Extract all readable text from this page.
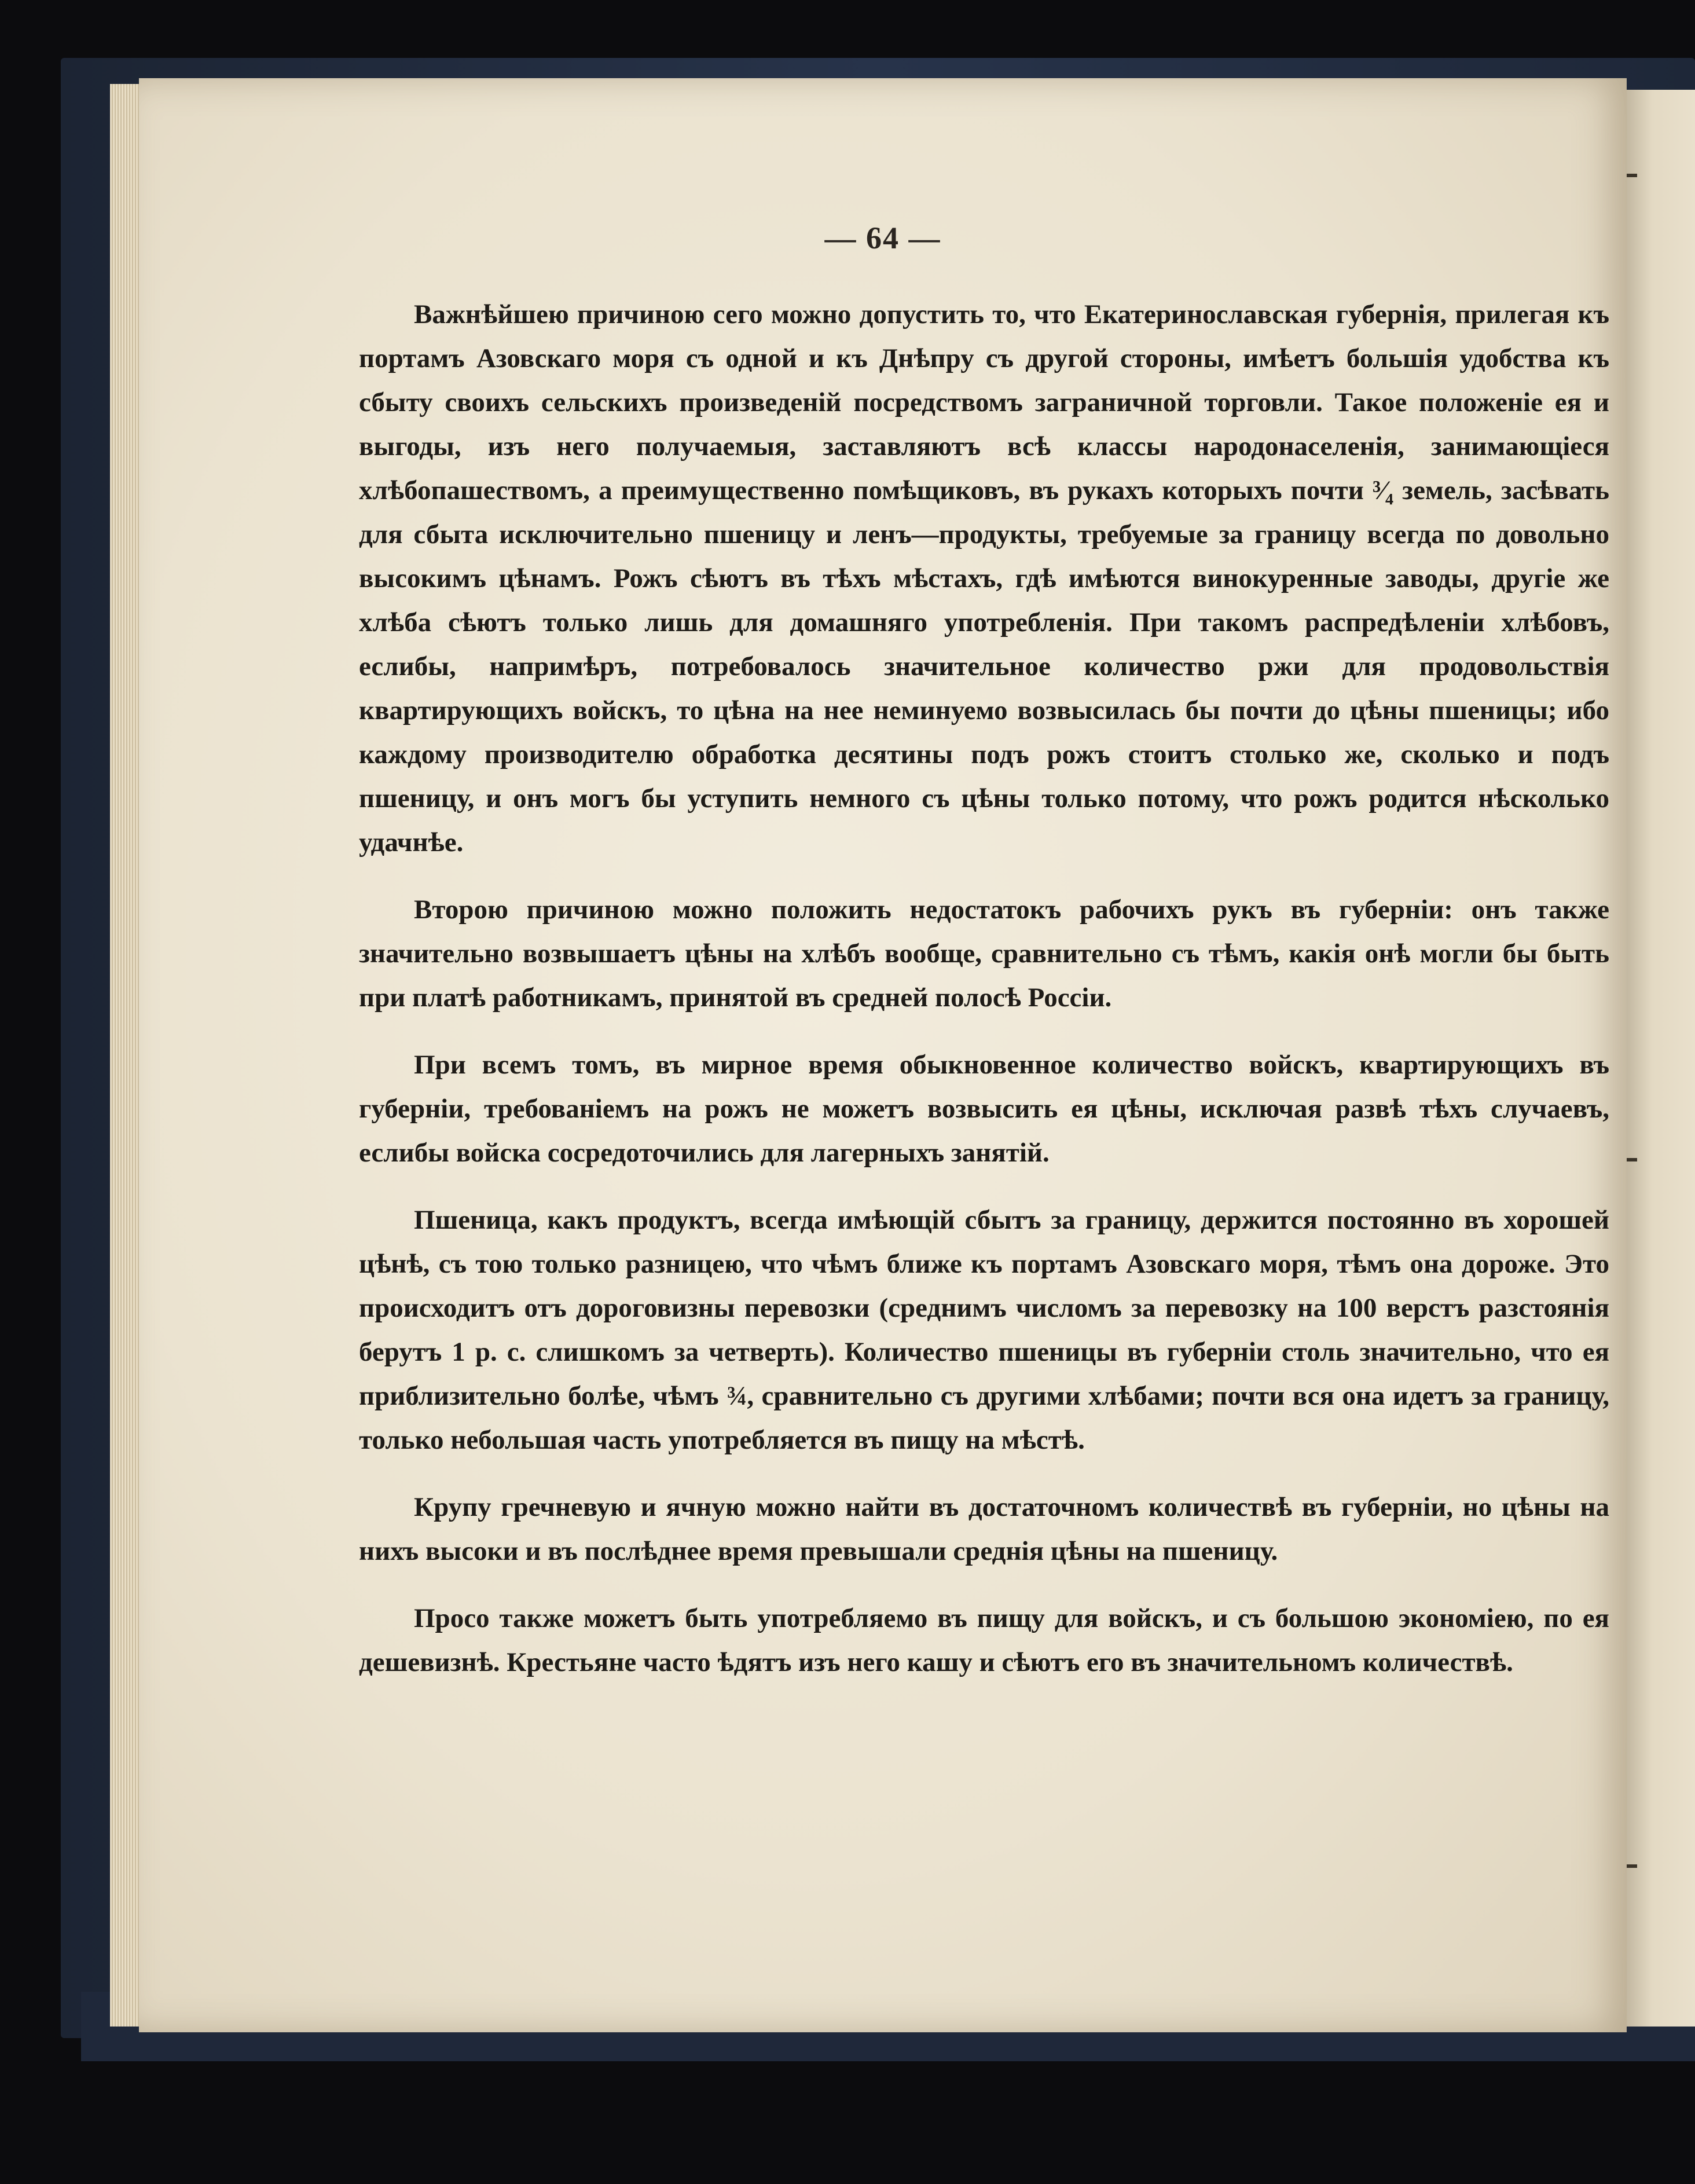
— 64 —

Важнѣйшею причиною сего можно допустить то, что Екатеринославская губернія, прилегая къ портамъ Азовскаго моря съ одной и къ Днѣпру съ другой стороны, имѣетъ большія удобства къ сбыту своихъ сельскихъ произведеній посредствомъ заграничной торговли. Такое положеніе ея и выгоды, изъ него получаемыя, заставляютъ всѣ классы народонаселенія, занимающіеся хлѣбопашествомъ, а преимущественно помѣщиковъ, въ рукахъ которыхъ почти ³⁄₄ земель, засѣвать для сбыта исключительно пшеницу и ленъ—продукты, требуемые за границу всегда по довольно высокимъ цѣнамъ. Рожъ сѣютъ въ тѣхъ мѣстахъ, гдѣ имѣются винокуренные заводы, другіе же хлѣба сѣютъ только лишь для домашняго употребленія. При такомъ распредѣленіи хлѣбовъ, еслибы, напримѣръ, потребовалось значительное количество ржи для продовольствія квартирующихъ войскъ, то цѣна на нее неминуемо возвысилась бы почти до цѣны пшеницы; ибо каждому производителю обработка десятины подъ рожъ стоитъ столько же, сколько и подъ пшеницу, и онъ могъ бы уступить немного съ цѣны только потому, что рожъ родится нѣсколько удачнѣе.

Второю причиною можно положить недостатокъ рабочихъ рукъ въ губерніи: онъ также значительно возвышаетъ цѣны на хлѣбъ вообще, сравнительно съ тѣмъ, какія онѣ могли бы быть при платѣ работникамъ, принятой въ средней полосѣ Россіи.

При всемъ томъ, въ мирное время обыкновенное количество войскъ, квартирующихъ въ губерніи, требованіемъ на рожъ не можетъ возвысить ея цѣны, исключая развѣ тѣхъ случаевъ, еслибы войска сосредоточились для лагерныхъ занятій.

Пшеница, какъ продуктъ, всегда имѣющій сбытъ за границу, держится постоянно въ хорошей цѣнѣ, съ тою только разницею, что чѣмъ ближе къ портамъ Азовскаго моря, тѣмъ она дороже. Это происходитъ отъ дороговизны перевозки (среднимъ числомъ за перевозку на 100 верстъ разстоянія берутъ 1 р. с. слишкомъ за четверть). Количество пшеницы въ губерніи столь значительно, что ея приблизительно болѣе, чѣмъ ¾, сравнительно съ другими хлѣбами; почти вся она идетъ за границу, только небольшая часть употребляется въ пищу на мѣстѣ.

Крупу гречневую и ячную можно найти въ достаточномъ количествѣ въ губерніи, но цѣны на нихъ высоки и въ послѣднее время превышали среднія цѣны на пшеницу.

Просо также можетъ быть употребляемо въ пищу для войскъ, и съ большою экономіею, по ея дешевизнѣ. Крестьяне часто ѣдятъ изъ него кашу и сѣютъ его въ значительномъ количествѣ.
